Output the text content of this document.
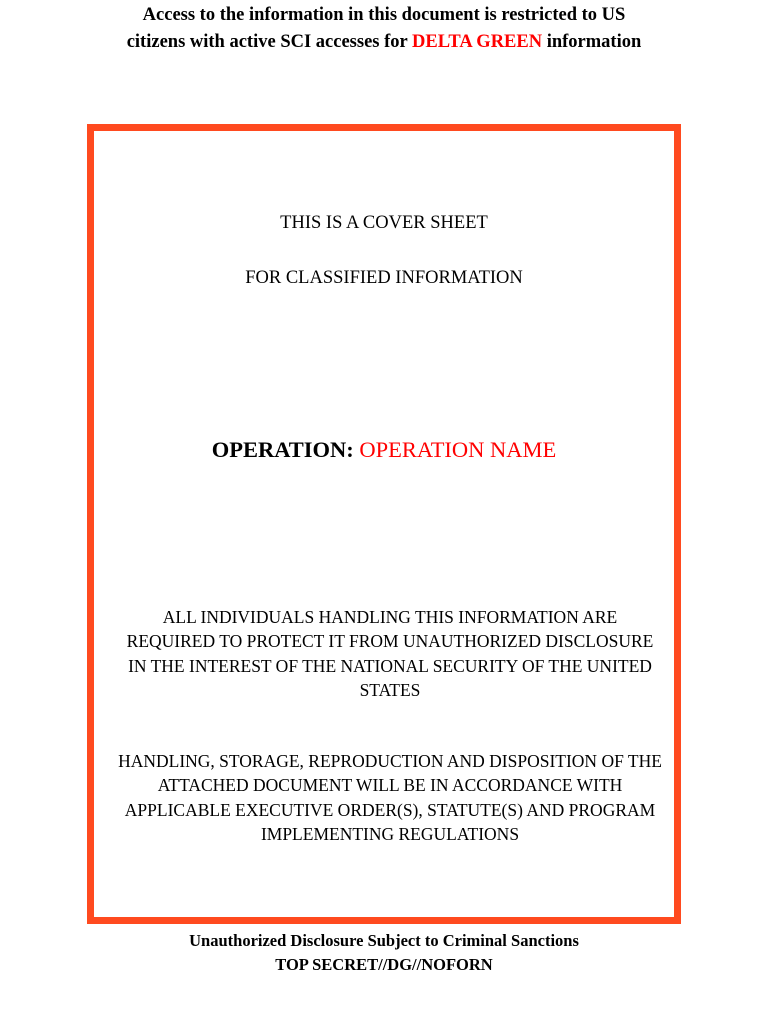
Access to the information in this document is restricted to US
citizens with active SCI accesses for DELTA GREEN information
THIS IS A COVER SHEET
FOR CLASSIFIED INFORMATION
OPERATION: OPERATION NAME
ALL INDIVIDUALS HANDLING THIS INFORMATION ARE
REQUIRED TO PROTECT IT FROM UNAUTHORIZED DISCLOSURE
IN THE INTEREST OF THE NATIONAL SECURITY OF THE UNITED
STATES
HANDLING, STORAGE, REPRODUCTION AND DISPOSITION OF THE
ATTACHED DOCUMENT WILL BE IN ACCORDANCE WITH
APPLICABLE EXECUTIVE ORDER(S), STATUTE(S) AND PROGRAM
IMPLEMENTING REGULATIONS
Unauthorized Disclosure Subject to Criminal Sanctions
TOP SECRET//DG//NOFORN
